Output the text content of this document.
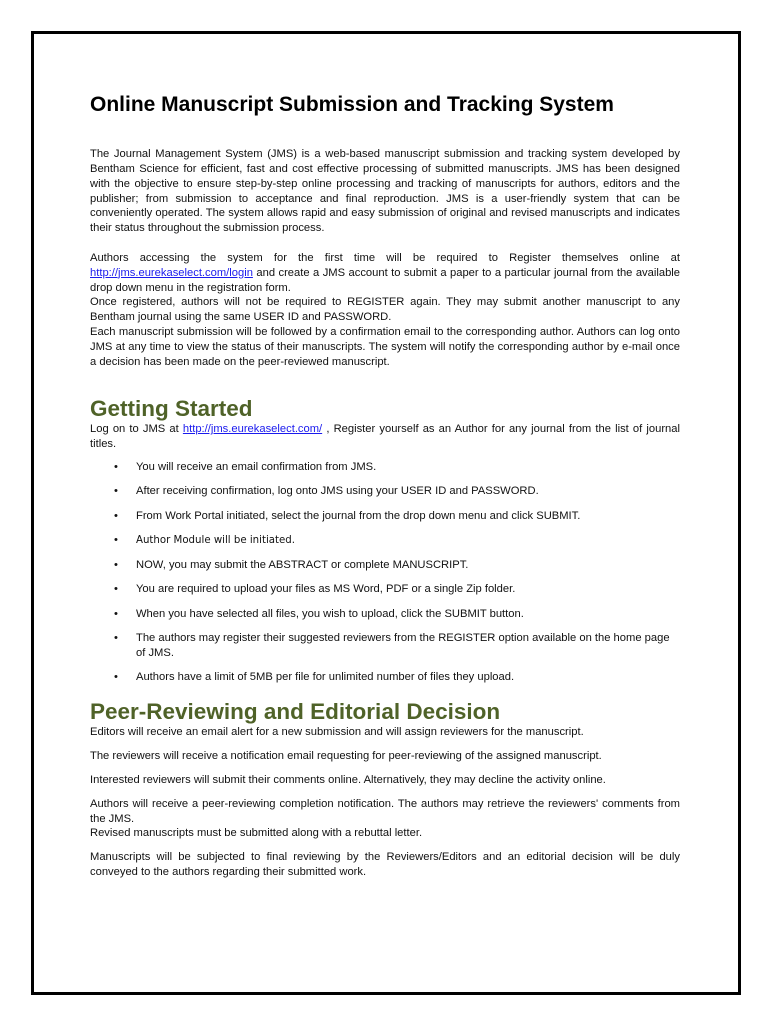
Online Manuscript Submission and Tracking System

The Journal Management System (JMS) is a web-based manuscript submission and tracking system developed by Bentham Science for efficient, fast and cost effective processing of submitted manuscripts. JMS has been designed with the objective to ensure step-by-step online processing and tracking of manuscripts for authors, editors and the publisher; from submission to acceptance and final reproduction. JMS is a user-friendly system that can be conveniently operated. The system allows rapid and easy submission of original and revised manuscripts and indicates their status throughout the submission process.

Authors accessing the system for the first time will be required to Register themselves online at http://jms.eurekaselect.com/login and create a JMS account to submit a paper to a particular journal from the available drop down menu in the registration form.

Once registered, authors will not be required to REGISTER again. They may submit another manuscript to any Bentham journal using the same USER ID and PASSWORD.

Each manuscript submission will be followed by a confirmation email to the corresponding author. Authors can log onto JMS at any time to view the status of their manuscripts. The system will notify the corresponding author by e-mail once a decision has been made on the peer-reviewed manuscript.

Getting Started

Log on to JMS at http://jms.eurekaselect.com/ , Register yourself as an Author for any journal from the list of journal titles.

• You will receive an email confirmation from JMS.
• After receiving confirmation, log onto JMS using your USER ID and PASSWORD.
• From Work Portal initiated, select the journal from the drop down menu and click SUBMIT.
• Author Module will be initiated.
• NOW, you may submit the ABSTRACT or complete MANUSCRIPT.
• You are required to upload your files as MS Word, PDF or a single Zip folder.
• When you have selected all files, you wish to upload, click the SUBMIT button.
• The authors may register their suggested reviewers from the REGISTER option available on the home page of JMS.
• Authors have a limit of 5MB per file for unlimited number of files they upload.
Peer-Reviewing and Editorial Decision

Editors will receive an email alert for a new submission and will assign reviewers for the manuscript.

The reviewers will receive a notification email requesting for peer-reviewing of the assigned manuscript.

Interested reviewers will submit their comments online. Alternatively, they may decline the activity online.

Authors will receive a peer-reviewing completion notification. The authors may retrieve the reviewers' comments from the JMS.

Revised manuscripts must be submitted along with a rebuttal letter.

Manuscripts will be subjected to final reviewing by the Reviewers/Editors and an editorial decision will be duly conveyed to the authors regarding their submitted work.
